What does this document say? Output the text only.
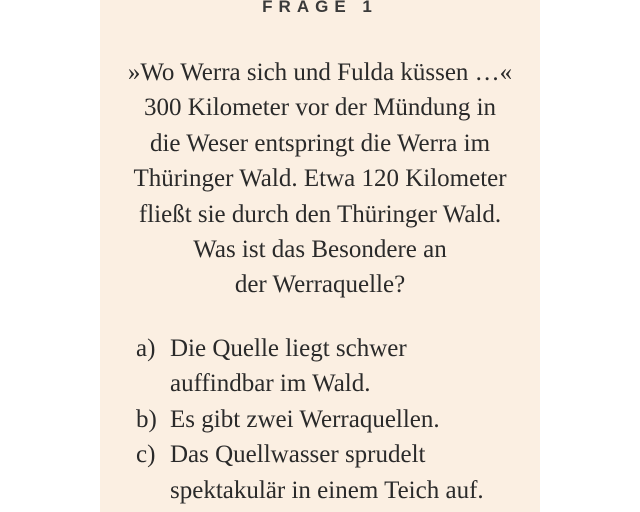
FRAGE 1
»Wo Werra sich und Fulda küssen …«
300 Kilometer vor der Mündung in
die Weser entspringt die Werra im
Thüringer Wald. Etwa 120 Kilometer
fließt sie durch den Thüringer Wald.
Was ist das Besondere an
der Werraquelle?
a) Die Quelle liegt schwer
auffindbar im Wald.
b) Es gibt zwei Werraquellen.
c) Das Quellwasser sprudelt
spektakulär in einem Teich auf.
